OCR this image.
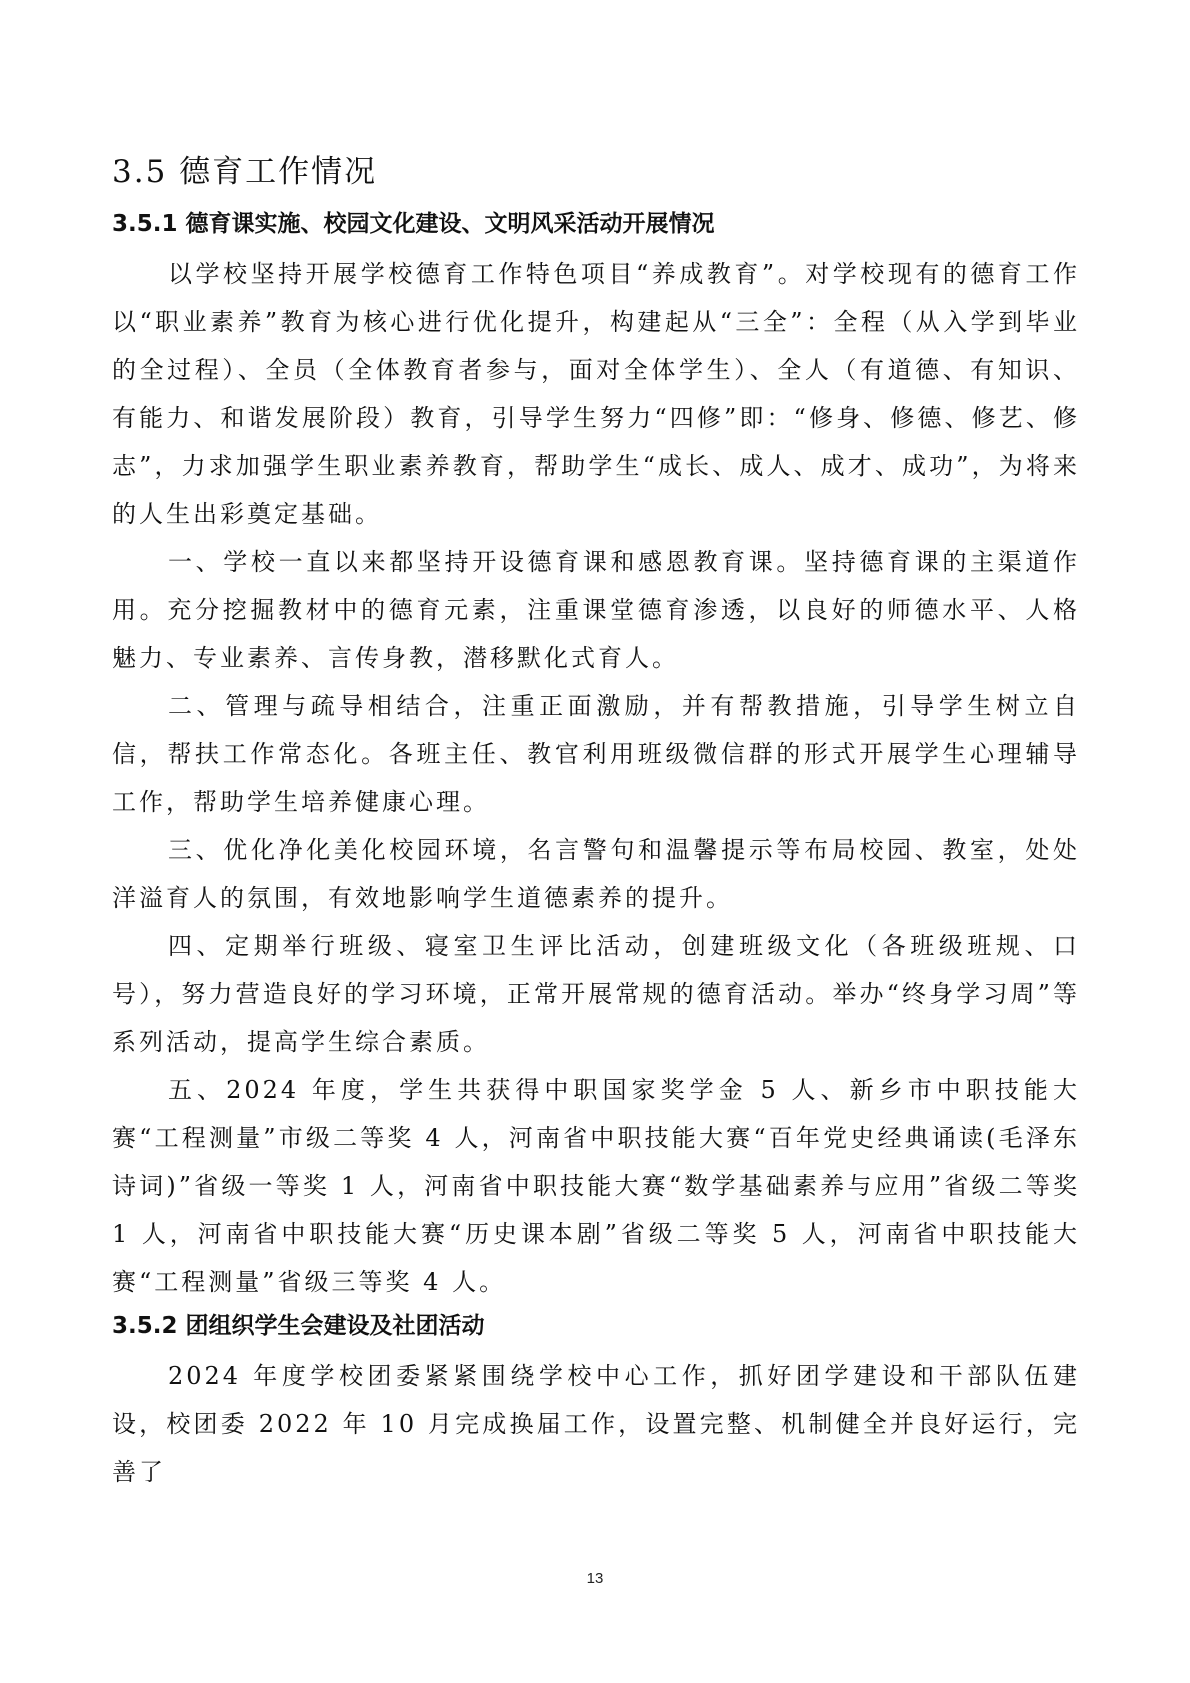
3.5 德育工作情况
3.5.1 德育课实施、校园文化建设、文明风采活动开展情况

以学校坚持开展学校德育工作特色项目“养成教育”。对学校现有的德育工作以“职业素养”教育为核心进行优化提升，构建起从“三全”：全程（从入学到毕业的全过程）、全员（全体教育者参与，面对全体学生）、全人（有道德、有知识、有能力、和谐发展阶段）教育，引导学生努力“四修”即：“修身、修德、修艺、修志”，力求加强学生职业素养教育，帮助学生“成长、成人、成才、成功”，为将来的人生出彩奠定基础。

一、学校一直以来都坚持开设德育课和感恩教育课。坚持德育课的主渠道作用。充分挖掘教材中的德育元素，注重课堂德育渗透，以良好的师德水平、人格魅力、专业素养、言传身教，潜移默化式育人。

二、管理与疏导相结合，注重正面激励，并有帮教措施，引导学生树立自信，帮扶工作常态化。各班主任、教官利用班级微信群的形式开展学生心理辅导工作，帮助学生培养健康心理。

三、优化净化美化校园环境，名言警句和温馨提示等布局校园、教室，处处洋溢育人的氛围，有效地影响学生道德素养的提升。

四、定期举行班级、寝室卫生评比活动，创建班级文化（各班级班规、口号），努力营造良好的学习环境，正常开展常规的德育活动。举办“终身学习周”等系列活动，提高学生综合素质。

五、2024 年度，学生共获得中职国家奖学金 5 人、新乡市中职技能大赛“工程测量”市级二等奖 4 人，河南省中职技能大赛“百年党史经典诵读(毛泽东诗词)”省级一等奖 1 人，河南省中职技能大赛“数学基础素养与应用”省级二等奖 1 人，河南省中职技能大赛“历史课本剧”省级二等奖 5 人，河南省中职技能大赛“工程测量”省级三等奖 4 人。

3.5.2 团组织学生会建设及社团活动

2024 年度学校团委紧紧围绕学校中心工作，抓好团学建设和干部队伍建设，校团委 2022 年 10 月完成换届工作，设置完整、机制健全并良好运行，完善了

13
